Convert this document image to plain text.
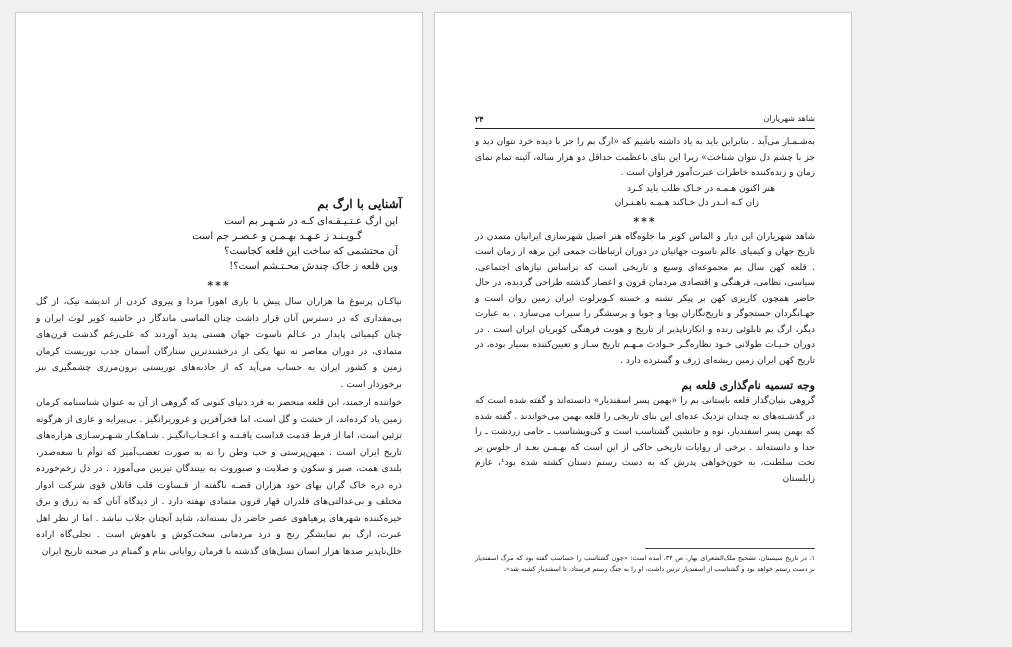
آشنایی با ارگ بم
این ارگ عـتـیـقـه‌ای کـه در شـهـر بم است
گـویـنـد ز عـهـد بهـمـن و عـصـر جم است
آن محتشمی که ساخت این قلعه کجاست؟
وین قلعه ز خاک چندش محـتـشم است؟!
***

نیاکـان پرنبوغ ما هزاران سال پیش با یاری اهورا مزدا و پیروی کردن از اندیشه نیک، از گل بی‌مقداری که در دسترس آنان قرار داشت چنان الماسی ماندگار در حاشیه کویر لوت ایران و چنان کیمیائی پایدار در عـالم ناسوت جهان هستی پدید آوردند که علی‌رغم گذشت قرن‌های متمادی، در دوران معاصر نه تنها یکی از درخشندترین ستارگان آسمان جذب توریست کرمان زمین و کشور ایران به حساب می‌آید که از جاذبه‌های توریستی برون‌مرزی چشمگیری نیز برخوردار است .

خواننده ارجمند، این قلعه منحصر به فرد دنیای کنونی که گروهی از آن به عنوان شناسنامه کرمان زمین یاد کرده‌اند، از خشت و گل است، اما فخرآفرین و غروربرانگیز . بی‌پیرایه و عاری از هرگونه تزئین است، اما از فرط قدمت قداست یافـتـه و اعـجـاب‌انگیـز . شـاهکـار شـهـرسـازی هزاره‌های تاریخ ایران است . میهن‌پرستی و حب وطن را نه به صورت تعصب‌آمیز که توأم با سعه‌صدر، بلندی همت، صبر و سکون و صلابت و صبوروت به بینندگان تیزبین می‌آموزد . در دل زخم‌خورده ذره ذره خاک گران بهای خود هزاران قصـه ناگفته از قـساوت قلب قاتلان قوی شرکت ادوار مختلف و بی‌عدالتی‌های قلدران قهار قرون متمادی نهفته دارد . از دیدگاه آنان که به زرق و برق خیره‌کننده شهرهای پرهیاهوی عصر حاضر دل بسته‌اند، شاید آنچنان جلاب نباشد . اما از نظر اهل عبرت، ارگ بم نمایشگر رنج و درد مردمانی سخت‌کوش و باهوش است . تجلی‌گاه اراده خلل‌ناپذیر صدها هزار انسان نسل‌های گذشته با فرمان روایانی بنام و گمنام در صحنه تاریخ ایران

۲۴	شاهد شهریاران

به‌شـمـار می‌آید . بنابراین باید به یاد داشته باشیم که «ارگ بم را جز با دیده خرد نتوان دید و جز با چشم دل نتوان شناخت» زیرا این بنای باعظمت حداقل دو هزار ساله، آئینه تمام نمای زمان و زنده‌کننده خاطرات عبرت‌آموز فراوان است .

هنر اکنون هـمـه در خـاک طلب باید کـرد
زان کـه انـدر دل خـاکند هـمـه باهـنـران
***

شاهد شهریاران این دیار و الماس کویر ما جلوه‌گاه هنر اصیل شهرسازی ایرانیان متمدن در تاریخ جهان و کیمیای عالم ناسوت جهانیان در دوران ارتباطات جمعی این برهه از زمان است . قلعه کهن سال بم مجموعه‌ای وسیع و تاریخی است که براساس نیازهای اجتماعی، سیاسی، نظامی، فرهنگی و اقتصادی مردمان قرون و اعصار گذشته طراحی گردیده، در حال حاضر همچون کاریزی کهن بر پیکر تشنه و خسته کـویرلوت ایران زمین روان است و جهـانگردان جستجوگر و تاریخ‌نگاران پویا و جویا و پرسشگر را سیراب می‌سازد . به عبارت دیگر، ارگ بم تابلوئی زنده و انکارناپذیر از تاریخ و هویت فرهنگی کویریان ایران است . در دوران حـیـات طولانی خـود نظاره‌گـر حـوادث مـهـم تاریخ سـاز و تعیین‌کننده بسیار بوده، در تاریخ کهن ایران زمین ریشه‌ای ژرف و گسترده دارد .

وجه تسمیه نام‌گذاری قلعه بم

گروهی بنیان‌گذار قلعه باستانی بم را «بهمن پسر اسفندیار» دانسته‌اند و گفته شده است که در گذشـته‌های نه چندان نزدیک عده‌ای این بنای تاریخی را قلعه بهمن می‌خواندند . گفته شده که بهمن پسر اسفندیار، نوه و جانشین گشتاسب است و کی‌ویشتاسب ـ حامی زردشت ـ را جدا و دانسته‌اند . برخی از روایات تاریخی حاکی از این است که بهـمـن بعـد از جلوس بر تخت سلطنت، به خون‌خواهی پدرش که به دست رستم دستان کشته شده بود¹، عازم زابلستان

۱. در تاریخ سیستان، تصحیح ملک‌الشعرای بهار، ص ۳۴، آمده است: «چون گشتاسب را حساسب گفته بود که مرگ اسفندیار بر دست رستم خواهد بود و گشتاسب از اسفندیار ترس داشت، او را به جنگ رستم فرستاد، تا اسفندیار کشته شد».
